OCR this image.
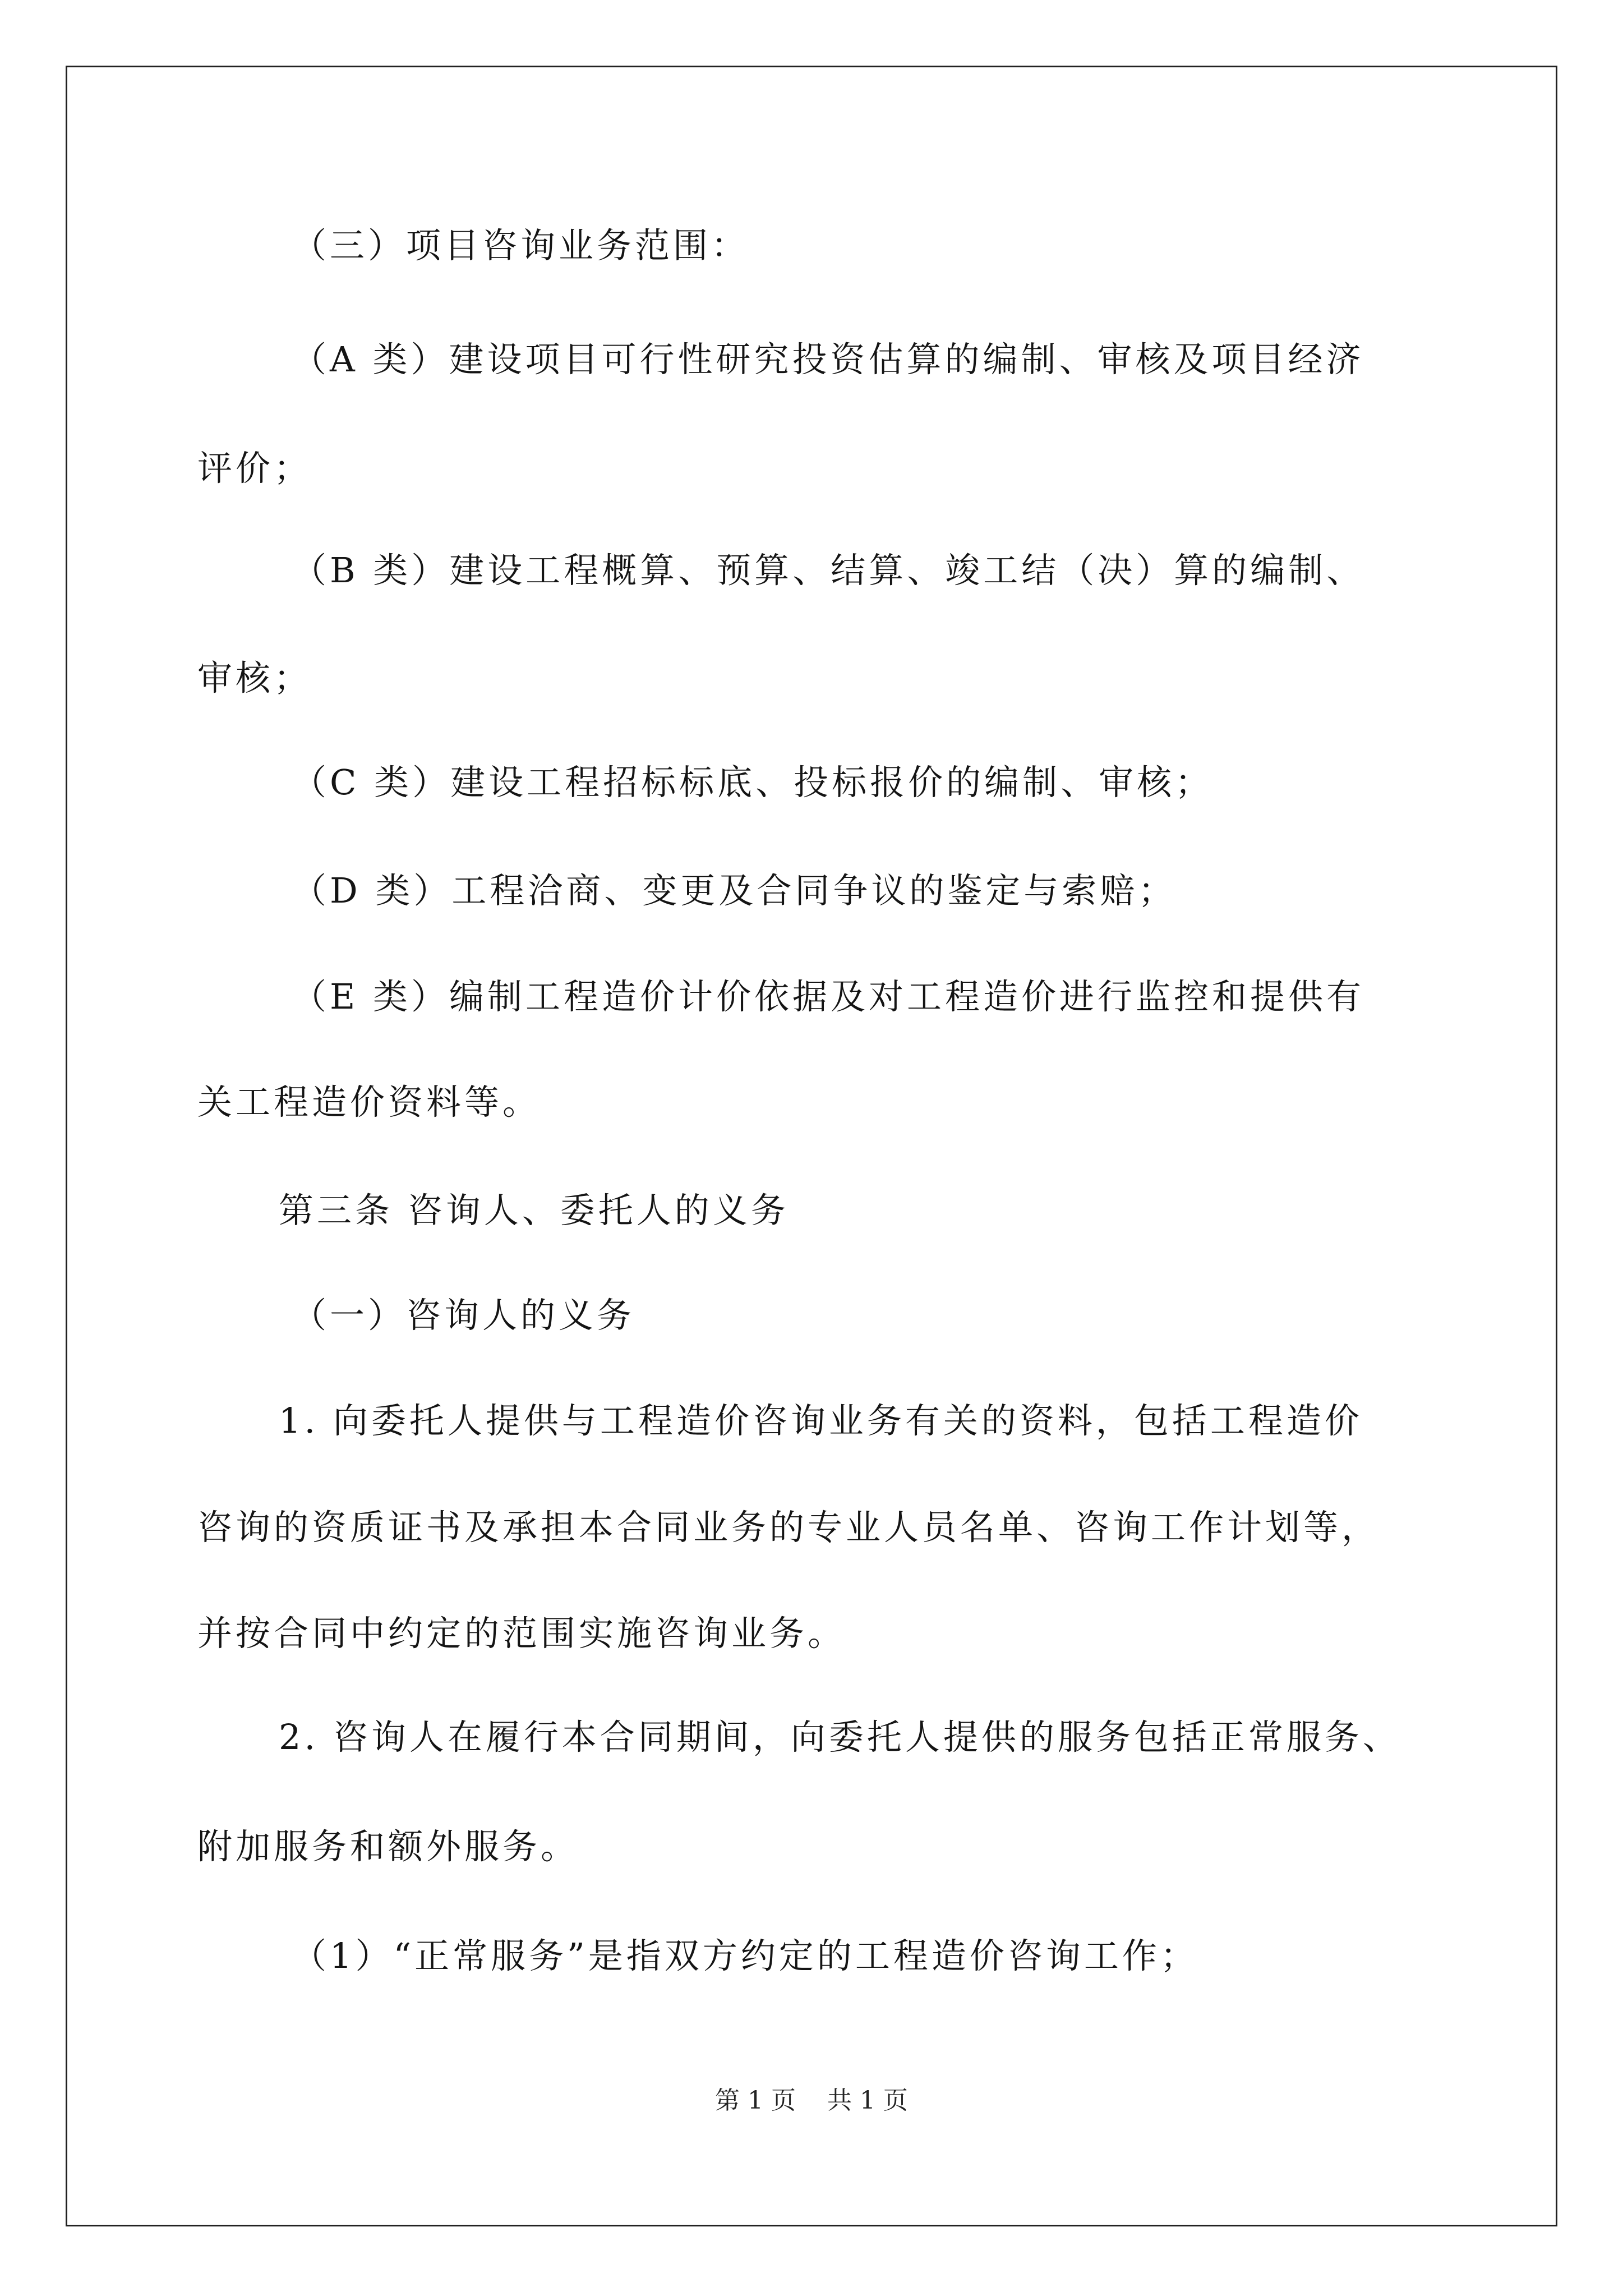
（三）项目咨询业务范围：
（A 类）建设项目可行性研究投资估算的编制、审核及项目经济
评价；
（B 类）建设工程概算、预算、结算、竣工结（决）算的编制、
审核；
（C 类）建设工程招标标底、投标报价的编制、审核；
（D 类）工程洽商、变更及合同争议的鉴定与索赔；
（E 类）编制工程造价计价依据及对工程造价进行监控和提供有
关工程造价资料等。
第三条 咨询人、委托人的义务
（一）咨询人的义务
1. 向委托人提供与工程造价咨询业务有关的资料，包括工程造价
咨询的资质证书及承担本合同业务的专业人员名单、咨询工作计划等，
并按合同中约定的范围实施咨询业务。
2. 咨询人在履行本合同期间，向委托人提供的服务包括正常服务、
附加服务和额外服务。
（1）“正常服务”是指双方约定的工程造价咨询工作；
第 1 页    共 1 页
